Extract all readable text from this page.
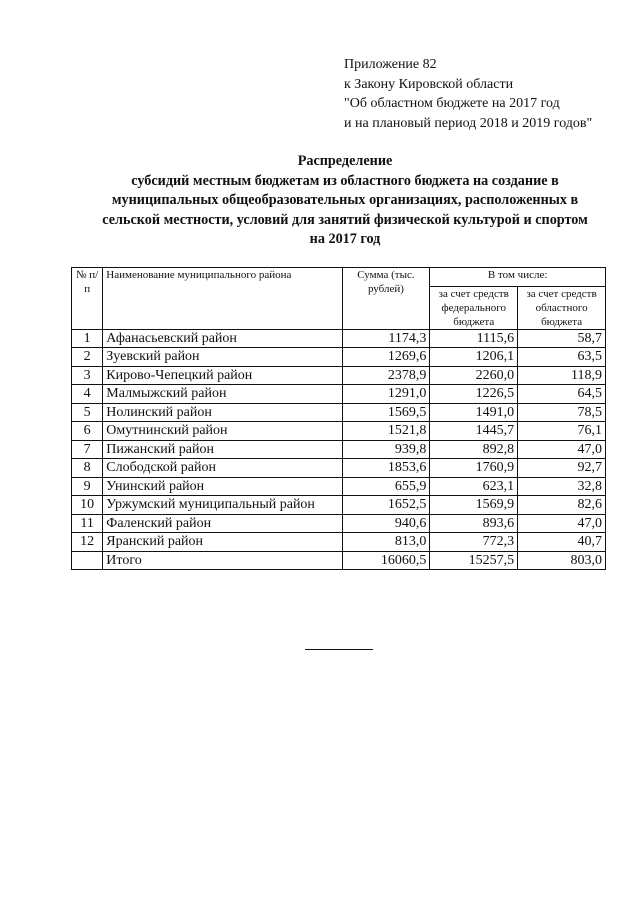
Приложение 82
к Закону Кировской области
"Об областном бюджете на 2017 год
и на плановый период 2018 и 2019 годов"
Распределение
субсидий местным бюджетам из областного бюджета на создание в
муниципальных общеобразовательных организациях, расположенных в
сельской местности, условий для занятий физической культурой и спортом
на 2017 год
№ п/п	Наименование муниципального района	Сумма (тыс. рублей)	В том числе:	
			за счет средств федерального бюджета	за счет средств областного бюджета
1	Афанасьевский район	1174,3	1115,6	58,7
2	Зуевский район	1269,6	1206,1	63,5
3	Кирово-Чепецкий район	2378,9	2260,0	118,9
4	Малмыжский район	1291,0	1226,5	64,5
5	Нолинский район	1569,5	1491,0	78,5
6	Омутнинский район	1521,8	1445,7	76,1
7	Пижанский район	939,8	892,8	47,0
8	Слободской район	1853,6	1760,9	92,7
9	Унинский район	655,9	623,1	32,8
10	Уржумский муниципальный район	1652,5	1569,9	82,6
11	Фаленский район	940,6	893,6	47,0
12	Яранский район	813,0	772,3	40,7
	Итого	16060,5	15257,5	803,0
